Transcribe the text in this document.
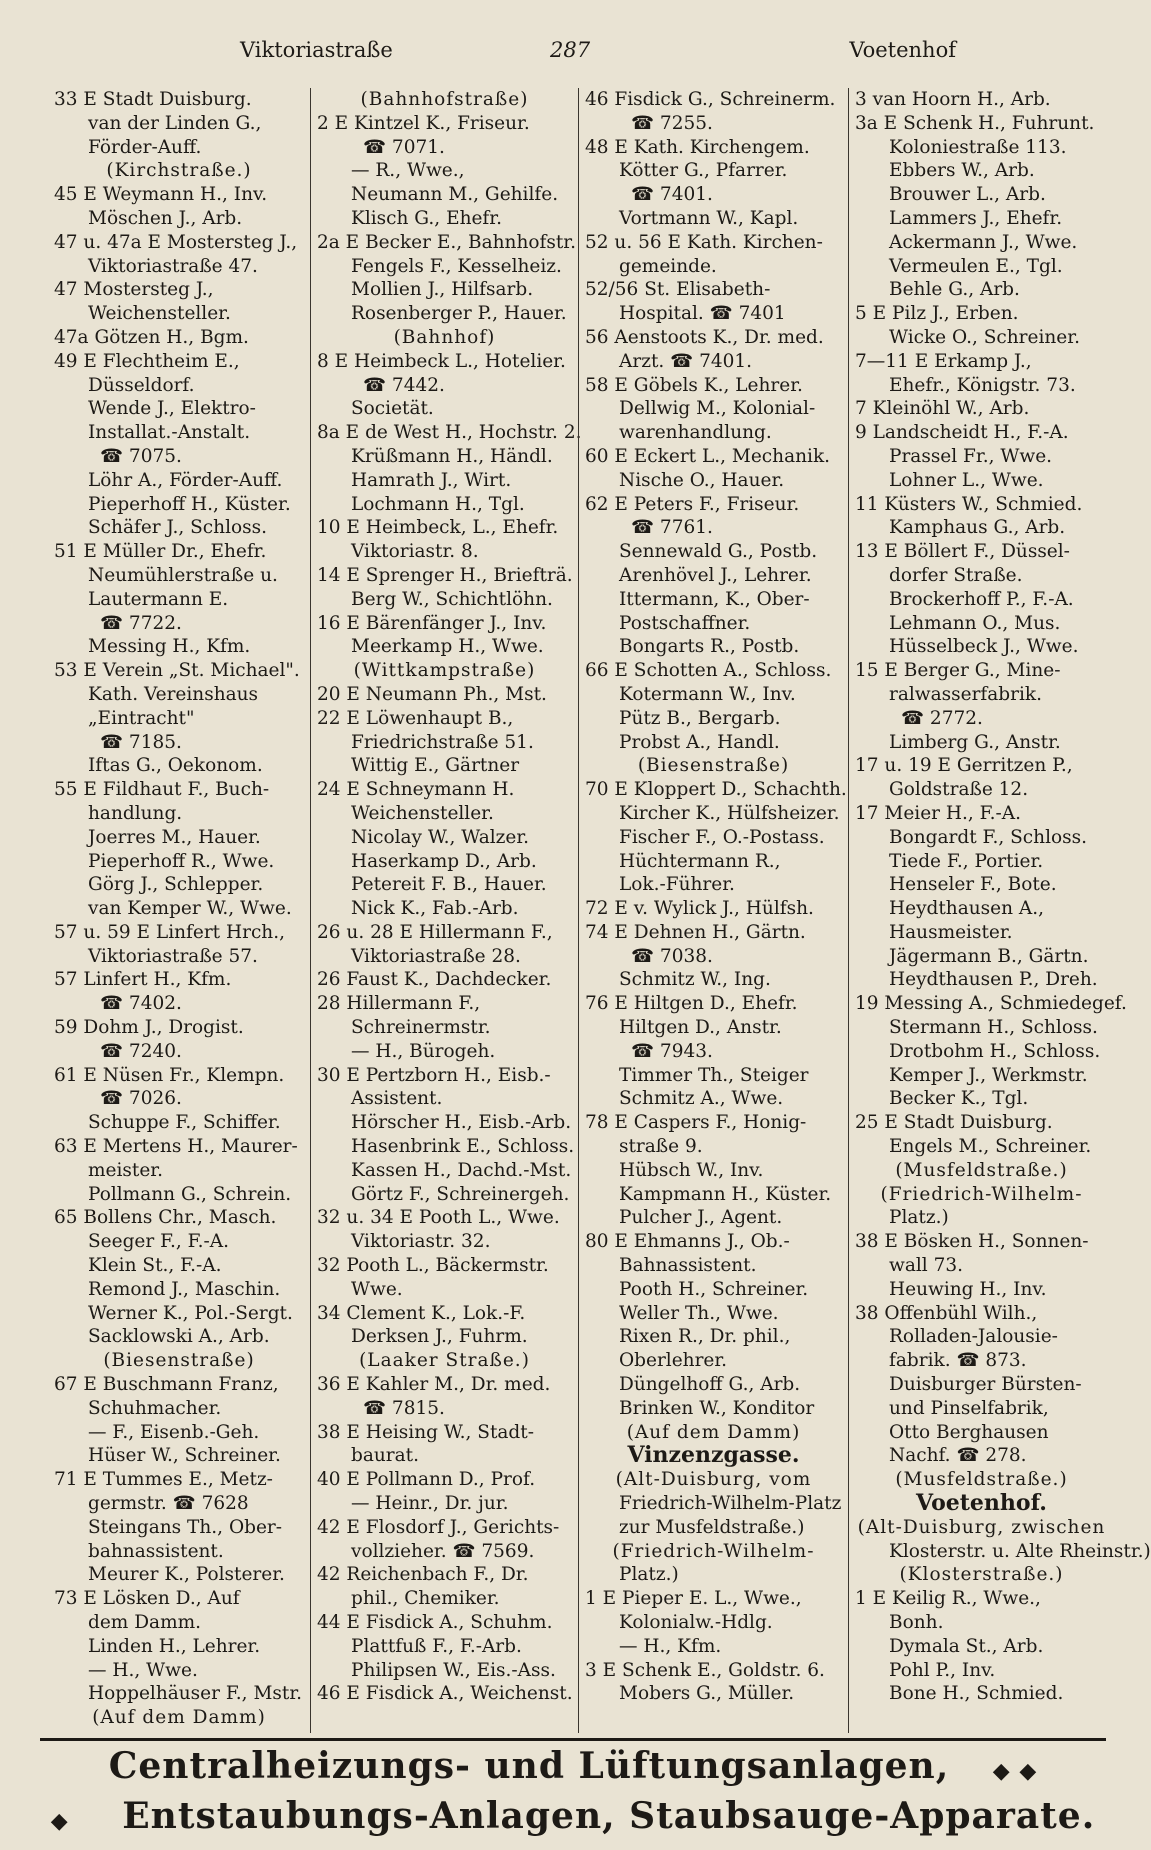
Viktoriastraße	287	Voetenhof
33 E Stadt Duisburg.
van der Linden G.,
Förder-Auff.
(Kirchstraße.)
45 E Weymann H., Inv.
Möschen J., Arb.
47 u. 47a E Mostersteg J.,
Viktoriastraße 47.
47 Mostersteg J.,
Weichensteller.
47a Götzen H., Bgm.
49 E Flechtheim E.,
Düsseldorf.
Wende J., Elektro-
Installat.-Anstalt.
☎ 7075.
Löhr A., Förder-Auff.
Pieperhoff H., Küster.
Schäfer J., Schloss.
51 E Müller Dr., Ehefr.
Neumühlerstraße u.
Lautermann E.
☎ 7722.
Messing H., Kfm.
53 E Verein „St. Michael".
Kath. Vereinshaus
„Eintracht"
☎ 7185.
Iftas G., Oekonom.
55 E Fildhaut F., Buch-
handlung.
Joerres M., Hauer.
Pieperhoff R., Wwe.
Görg J., Schlepper.
van Kemper W., Wwe.
57 u. 59 E Linfert Hrch.,
Viktoriastraße 57.
57 Linfert H., Kfm.
☎ 7402.
59 Dohm J., Drogist.
☎ 7240.
61 E Nüsen Fr., Klempn.
☎ 7026.
Schuppe F., Schiffer.
63 E Mertens H., Maurer-
meister.
Pollmann G., Schrein.
65 Bollens Chr., Masch.
Seeger F., F.-A.
Klein St., F.-A.
Remond J., Maschin.
Werner K., Pol.-Sergt.
Sacklowski A., Arb.
(Biesenstraße)
67 E Buschmann Franz,
Schuhmacher.
— F., Eisenb.-Geh.
Hüser W., Schreiner.
71 E Tummes E., Metz-
germstr. ☎ 7628
Steingans Th., Ober-
bahnassistent.
Meurer K., Polsterer.
73 E Lösken D., Auf
dem Damm.
Linden H., Lehrer.
— H., Wwe.
Hoppelhäuser F., Mstr.
(Auf dem Damm)
(Bahnhofstraße)
2 E Kintzel K., Friseur.
☎ 7071.
— R., Wwe.,
Neumann M., Gehilfe.
Klisch G., Ehefr.
2a E Becker E., Bahnhofstr.
Fengels F., Kesselheiz.
Mollien J., Hilfsarb.
Rosenberger P., Hauer.
(Bahnhof)
8 E Heimbeck L., Hotelier.
☎ 7442.
Societät.
8a E de West H., Hochstr. 2.
Krüßmann H., Händl.
Hamrath J., Wirt.
Lochmann H., Tgl.
10 E Heimbeck, L., Ehefr.
Viktoriastr. 8.
14 E Sprenger H., Briefträ.
Berg W., Schichtlöhn.
16 E Bärenfänger J., Inv.
Meerkamp H., Wwe.
(Wittkampstraße)
20 E Neumann Ph., Mst.
22 E Löwenhaupt B.,
Friedrichstraße 51.
Wittig E., Gärtner
24 E Schneymann H.
Weichensteller.
Nicolay W., Walzer.
Haserkamp D., Arb.
Petereit F. B., Hauer.
Nick K., Fab.-Arb.
26 u. 28 E Hillermann F.,
Viktoriastraße 28.
26 Faust K., Dachdecker.
28 Hillermann F.,
Schreinermstr.
— H., Bürogeh.
30 E Pertzborn H., Eisb.-
Assistent.
Hörscher H., Eisb.-Arb.
Hasenbrink E., Schloss.
Kassen H., Dachd.-Mst.
Görtz F., Schreinergeh.
32 u. 34 E Pooth L., Wwe.
Viktoriastr. 32.
32 Pooth L., Bäckermstr.
Wwe.
34 Clement K., Lok.-F.
Derksen J., Fuhrm.
(Laaker Straße.)
36 E Kahler M., Dr. med.
☎ 7815.
38 E Heising W., Stadt-
baurat.
40 E Pollmann D., Prof.
— Heinr., Dr. jur.
42 E Flosdorf J., Gerichts-
vollzieher. ☎ 7569.
42 Reichenbach F., Dr.
phil., Chemiker.
44 E Fisdick A., Schuhm.
Plattfuß F., F.-Arb.
Philipsen W., Eis.-Ass.
46 E Fisdick A., Weichenst.
46 Fisdick G., Schreinerm.
☎ 7255.
48 E Kath. Kirchengem.
Kötter G., Pfarrer.
☎ 7401.
Vortmann W., Kapl.
52 u. 56 E Kath. Kirchen-
gemeinde.
52/56 St. Elisabeth-
Hospital. ☎ 7401
56 Aenstoots K., Dr. med.
Arzt. ☎ 7401.
58 E Göbels K., Lehrer.
Dellwig M., Kolonial-
warenhandlung.
60 E Eckert L., Mechanik.
Nische O., Hauer.
62 E Peters F., Friseur.
☎ 7761.
Sennewald G., Postb.
Arenhövel J., Lehrer.
Ittermann, K., Ober-
Postschaffner.
Bongarts R., Postb.
66 E Schotten A., Schloss.
Kotermann W., Inv.
Pütz B., Bergarb.
Probst A., Handl.
(Biesenstraße)
70 E Kloppert D., Schachth.
Kircher K., Hülfsheizer.
Fischer F., O.-Postass.
Hüchtermann R.,
Lok.-Führer.
72 E v. Wylick J., Hülfsh.
74 E Dehnen H., Gärtn.
☎ 7038.
Schmitz W., Ing.
76 E Hiltgen D., Ehefr.
Hiltgen D., Anstr.
☎ 7943.
Timmer Th., Steiger
Schmitz A., Wwe.
78 E Caspers F., Honig-
straße 9.
Hübsch W., Inv.
Kampmann H., Küster.
Pulcher J., Agent.
80 E Ehmanns J., Ob.-
Bahnassistent.
Pooth H., Schreiner.
Weller Th., Wwe.
Rixen R., Dr. phil.,
Oberlehrer.
Düngelhoff G., Arb.
Brinken W., Konditor
(Auf dem Damm)
Vinzenzgasse.
(Alt-Duisburg, vom
Friedrich-Wilhelm-Platz
zur Musfeldstraße.)
(Friedrich-Wilhelm-
Platz.)
1 E Pieper E. L., Wwe.,
Kolonialw.-Hdlg.
— H., Kfm.
3 E Schenk E., Goldstr. 6.
Mobers G., Müller.
3 van Hoorn H., Arb.
3a E Schenk H., Fuhrunt.
Koloniestraße 113.
Ebbers W., Arb.
Brouwer L., Arb.
Lammers J., Ehefr.
Ackermann J., Wwe.
Vermeulen E., Tgl.
Behle G., Arb.
5 E Pilz J., Erben.
Wicke O., Schreiner.
7—11 E Erkamp J.,
Ehefr., Königstr. 73.
7 Kleinöhl W., Arb.
9 Landscheidt H., F.-A.
Prassel Fr., Wwe.
Lohner L., Wwe.
11 Küsters W., Schmied.
Kamphaus G., Arb.
13 E Böllert F., Düssel-
dorfer Straße.
Brockerhoff P., F.-A.
Lehmann O., Mus.
Hüsselbeck J., Wwe.
15 E Berger G., Mine-
ralwasserfabrik.
☎ 2772.
Limberg G., Anstr.
17 u. 19 E Gerritzen P.,
Goldstraße 12.
17 Meier H., F.-A.
Bongardt F., Schloss.
Tiede F., Portier.
Henseler F., Bote.
Heydthausen A.,
Hausmeister.
Jägermann B., Gärtn.
Heydthausen P., Dreh.
19 Messing A., Schmiedegef.
Stermann H., Schloss.
Drotbohm H., Schloss.
Kemper J., Werkmstr.
Becker K., Tgl.
25 E Stadt Duisburg.
Engels M., Schreiner.
(Musfeldstraße.)
(Friedrich-Wilhelm-
Platz.)
38 E Bösken H., Sonnen-
wall 73.
Heuwing H., Inv.
38 Offenbühl Wilh.,
Rolladen-Jalousie-
fabrik. ☎ 873.
Duisburger Bürsten-
und Pinselfabrik,
Otto Berghausen
Nachf. ☎ 278.
(Musfeldstraße.)
Voetenhof.
(Alt-Duisburg, zwischen
Klosterstr. u. Alte Rheinstr.)
(Klosterstraße.)
1 E Keilig R., Wwe.,
Bonh.
Dymala St., Arb.
Pohl P., Inv.
Bone H., Schmied.
Centralheizungs- und Lüftungsanlagen, ◆ ◆
◆ Entstaubungs-Anlagen, Staubsauge-Apparate.
